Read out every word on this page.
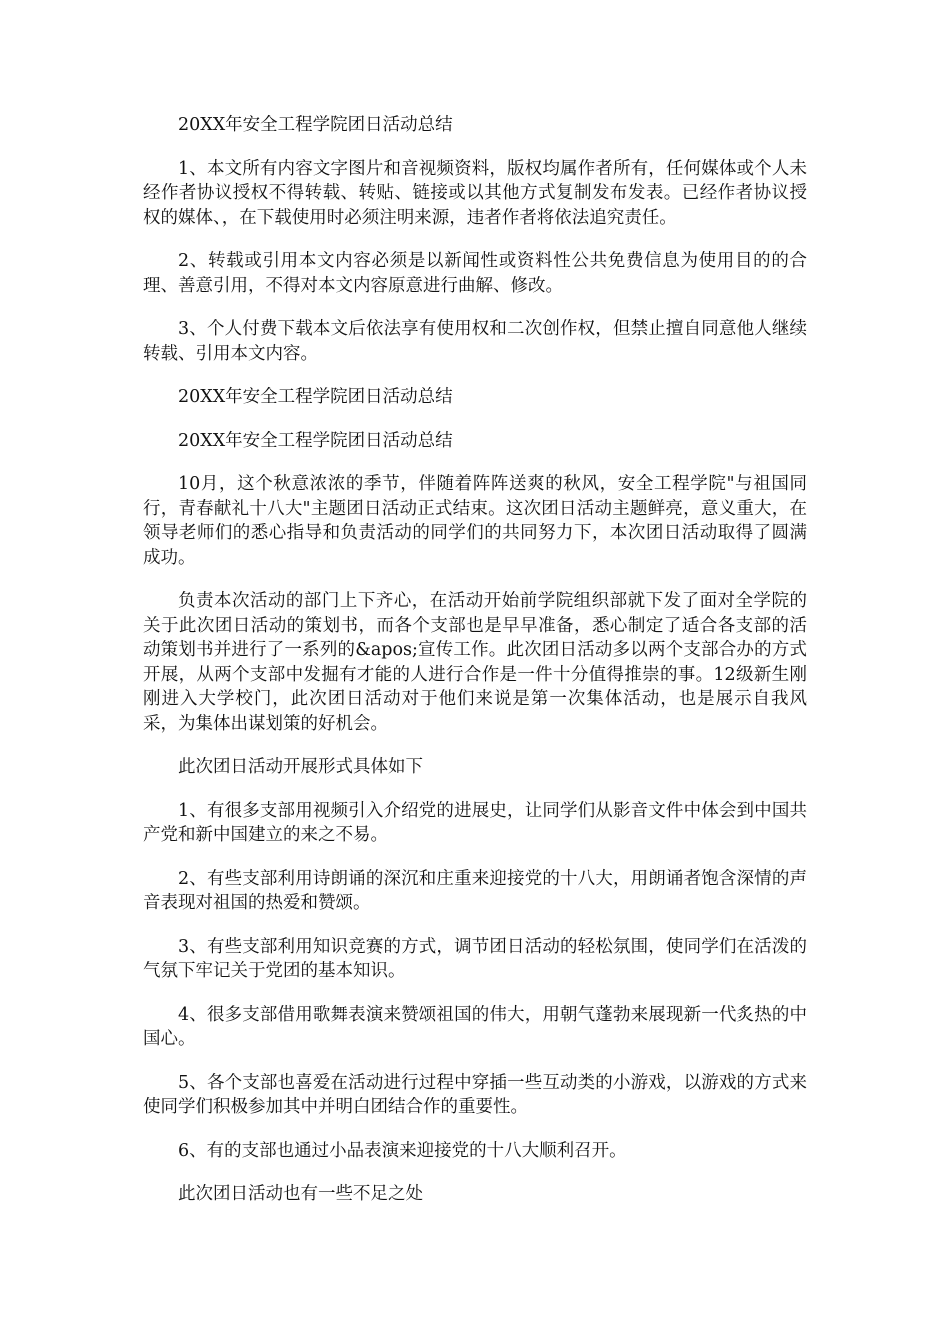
20XX年安全工程学院团日活动总结

1、本文所有内容文字图片和音视频资料，版权均属作者所有，任何媒体或个人未经作者协议授权不得转载、转贴、链接或以其他方式复制发布发表。已经作者协议授权的媒体、，在下载使用时必须注明来源，违者作者将依法追究责任。

2、转载或引用本文内容必须是以新闻性或资料性公共免费信息为使用目的的合理、善意引用，不得对本文内容原意进行曲解、修改。

3、个人付费下载本文后依法享有使用权和二次创作权，但禁止擅自同意他人继续转载、引用本文内容。

20XX年安全工程学院团日活动总结

20XX年安全工程学院团日活动总结

10月，这个秋意浓浓的季节，伴随着阵阵送爽的秋风，安全工程学院"与祖国同行，青春献礼十八大"主题团日活动正式结束。这次团日活动主题鲜亮，意义重大，在领导老师们的悉心指导和负责活动的同学们的共同努力下，本次团日活动取得了圆满成功。

负责本次活动的部门上下齐心，在活动开始前学院组织部就下发了面对全学院的关于此次团日活动的策划书，而各个支部也是早早准备，悉心制定了适合各支部的活动策划书并进行了一系列的&apos;宣传工作。此次团日活动多以两个支部合办的方式开展，从两个支部中发掘有才能的人进行合作是一件十分值得推崇的事。12级新生刚刚进入大学校门，此次团日活动对于他们来说是第一次集体活动，也是展示自我风采，为集体出谋划策的好机会。

此次团日活动开展形式具体如下

1、有很多支部用视频引入介绍党的进展史，让同学们从影音文件中体会到中国共产党和新中国建立的来之不易。

2、有些支部利用诗朗诵的深沉和庄重来迎接党的十八大，用朗诵者饱含深情的声音表现对祖国的热爱和赞颂。

3、有些支部利用知识竞赛的方式，调节团日活动的轻松氛围，使同学们在活泼的气氛下牢记关于党团的基本知识。

4、很多支部借用歌舞表演来赞颂祖国的伟大，用朝气蓬勃来展现新一代炙热的中国心。

5、各个支部也喜爱在活动进行过程中穿插一些互动类的小游戏，以游戏的方式来使同学们积极参加其中并明白团结合作的重要性。

6、有的支部也通过小品表演来迎接党的十八大顺利召开。

此次团日活动也有一些不足之处
